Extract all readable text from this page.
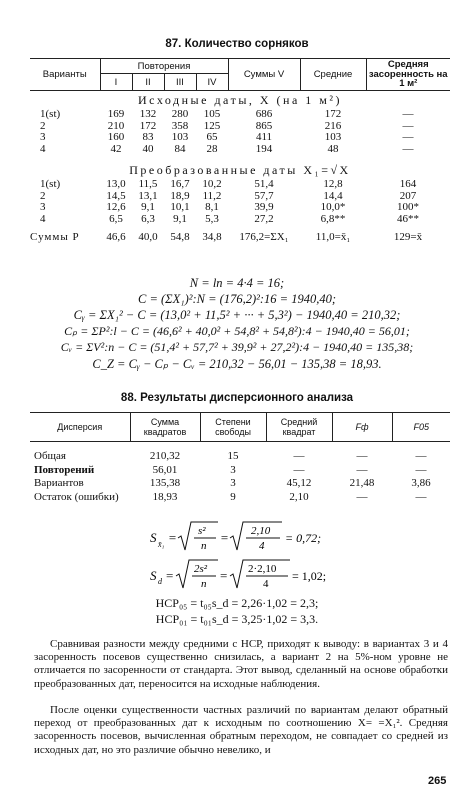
87. Количество сорняков
Варианты	Повторения				Суммы V	Средние	Средняя засоренность на 1 м²
	I	II	III	IV			
Исходные даты, X (на 1 м²)							
1(st)	169	132	280	105	686	172	—
2	210	172	358	125	865	216	—
3	160	83	103	65	411	103	—
4	42	40	84	28	194	48	—
Преобразованные даты X₁=√X							
1(st)	13,0	11,5	16,7	10,2	51,4	12,8	164
2	14,5	13,1	18,9	11,2	57,7	14,4	207
3	12,6	9,1	10,1	8,1	39,9	10,0*	100*
4	6,5	6,3	9,1	5,3	27,2	6,8**	46**
Суммы P	46,6	40,0	54,8	34,8	176,2=ΣX₁	11,0=x̄₁	129=x̄
N = ln = 4·4 = 16;
C = (ΣX₁)²:N = (176,2)²:16 = 1940,40;
Cᵧ = ΣX₁² − C = (13,0² + 11,5² + ··· + 5,3²) − 1940,40 = 210,32;
Cₚ = ΣP²:l − C = (46,6² + 40,0² + 54,8² + 54,8²):4 − 1940,40 = 56,01;
Cᵥ = ΣV²:n − C = (51,4² + 57,7² + 39,9² + 27,2²):4 − 1940,40 = 135,38;
C_Z = Cᵧ − Cₚ − Cᵥ = 210,32 − 56,01 − 135,38 = 18,93.
88. Результаты дисперсионного анализа
Дисперсия	Сумма квадратов	Степени свободы	Средний квадрат	Fф	F05

Общая	210,32	15	—	—	—
Повторений	56,01	3	—	—	—
Вариантов	135,38	3	45,12	21,48	3,86
Остаток (ошибки)	18,93	9	2,10	—	—
S x̄₁ = s²
n
= 2,10
4
= 0,72;
S d = 2s²
n
= 2·2,10
4
= 1,02;
НСР₀₅ = t₀₅s_d = 2,26·1,02 = 2,3;
НСР₀₁ = t₀₁s_d = 3,25·1,02 = 3,3.
Сравнивая разности между средними с НСР, приходят к выводу: в вариантах 3 и 4 засоренность посевов существенно снизилась, а вариант 2 на 5%-ном уровне не отличается по засоренности от стандарта. Этот вывод, сделанный на основе обработки преобразованных дат, переносится на исходные наблюдения.
После оценки существенности частных различий по вариантам делают обратный переход от преобразованных дат к исходным по соотношению X= =X₁². Средняя засоренность посевов, вычисленная обратным переходом, не совпадает со средней из исходных дат, но это различие обычно невелико, и
265
